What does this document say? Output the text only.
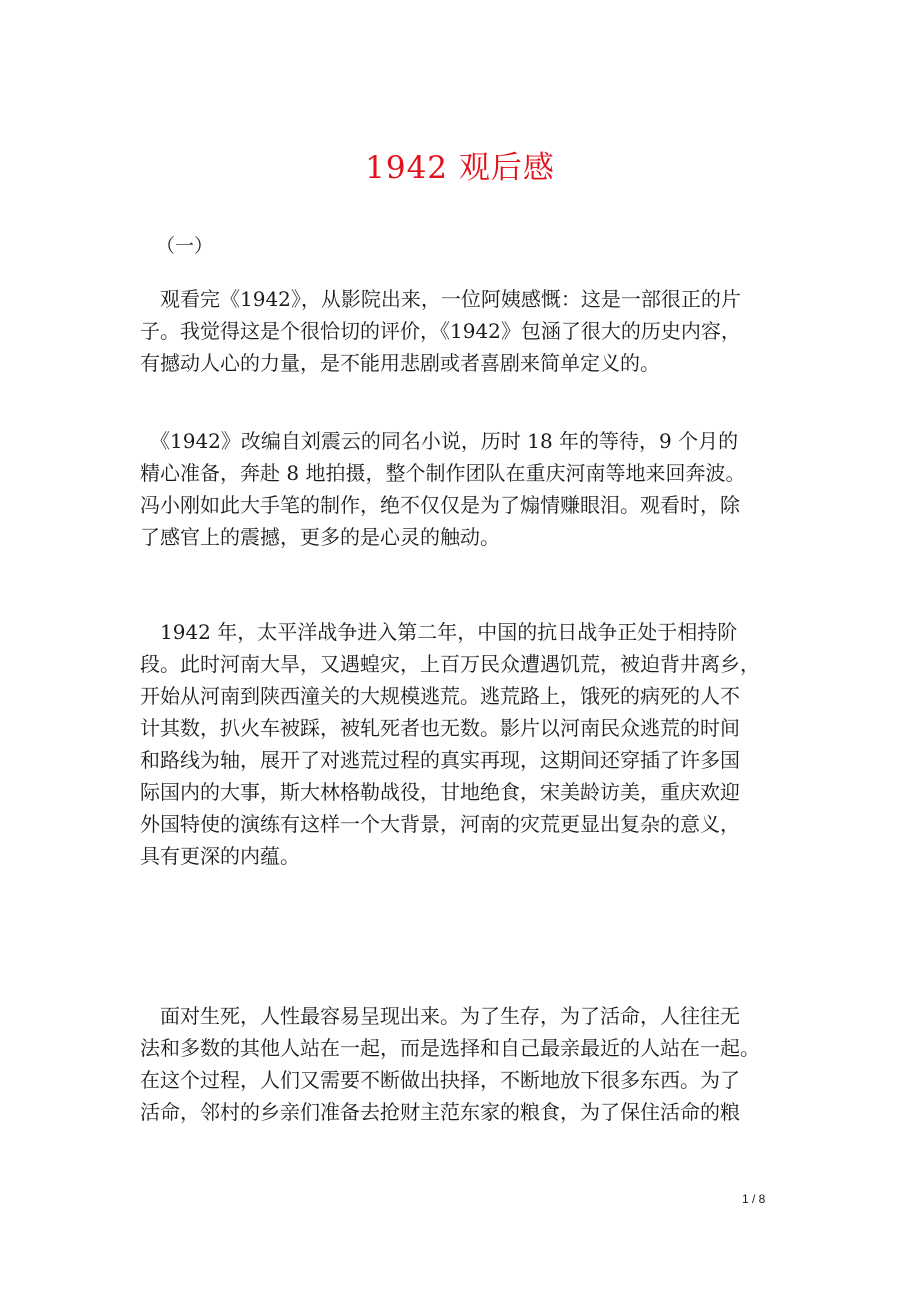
1942 观后感
（一）
　观看完《1942》，从影院出来，一位阿姨感慨：这是一部很正的片
子。我觉得这是个很恰切的评价，《1942》包涵了很大的历史内容，
有撼动人心的力量，是不能用悲剧或者喜剧来简单定义的。
　《1942》改编自刘震云的同名小说，历时 18 年的等待，9 个月的
精心准备，奔赴 8 地拍摄，整个制作团队在重庆河南等地来回奔波。
冯小刚如此大手笔的制作，绝不仅仅是为了煽情赚眼泪。观看时，除
了感官上的震撼，更多的是心灵的触动。
　1942 年，太平洋战争进入第二年，中国的抗日战争正处于相持阶
段。此时河南大旱，又遇蝗灾，上百万民众遭遇饥荒，被迫背井离乡，
开始从河南到陕西潼关的大规模逃荒。逃荒路上，饿死的病死的人不
计其数，扒火车被踩，被轧死者也无数。影片以河南民众逃荒的时间
和路线为轴，展开了对逃荒过程的真实再现，这期间还穿插了许多国
际国内的大事，斯大林格勒战役，甘地绝食，宋美龄访美，重庆欢迎
外国特使的演练有这样一个大背景，河南的灾荒更显出复杂的意义，
具有更深的内蕴。
　面对生死，人性最容易呈现出来。为了生存，为了活命，人往往无
法和多数的其他人站在一起，而是选择和自己最亲最近的人站在一起。
在这个过程，人们又需要不断做出抉择，不断地放下很多东西。为了
活命，邻村的乡亲们准备去抢财主范东家的粮食，为了保住活命的粮
1 / 8
